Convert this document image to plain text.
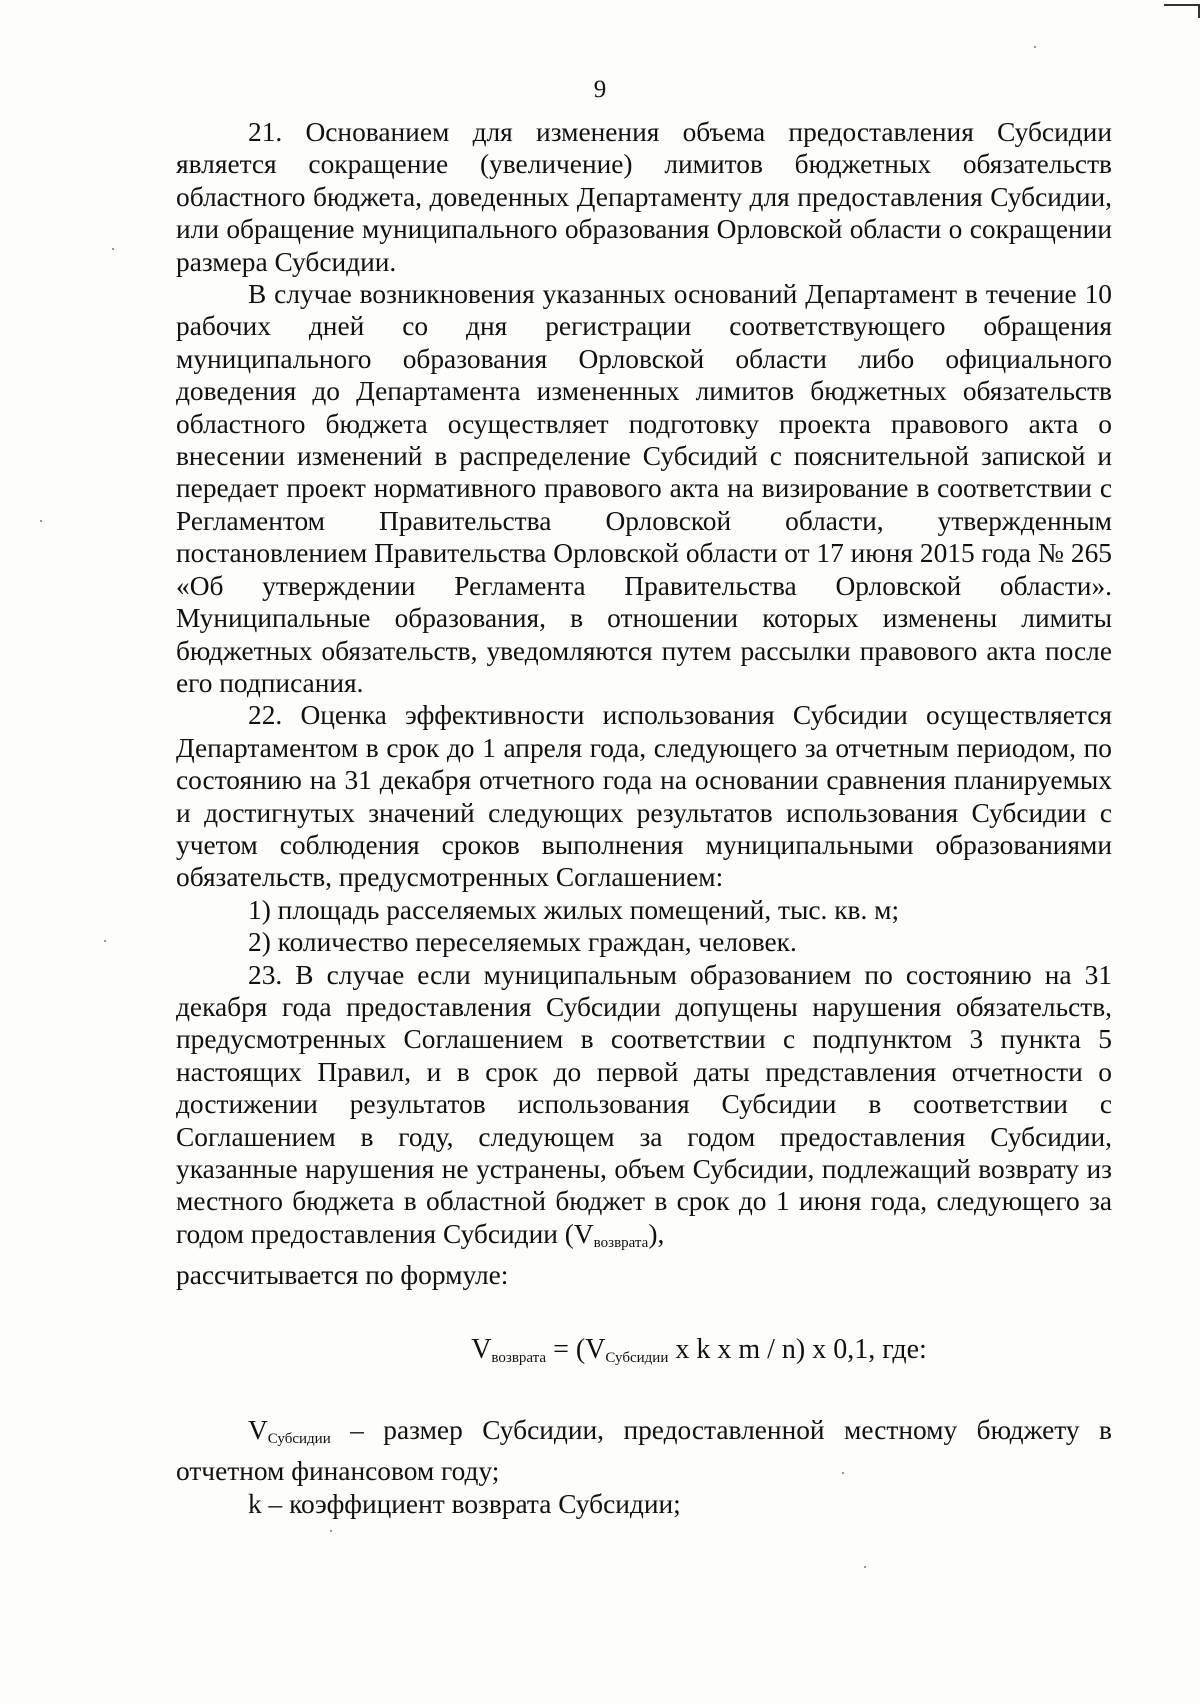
9

21. Основанием для изменения объема предоставления Субсидии является сокращение (увеличение) лимитов бюджетных обязательств областного бюджета, доведенных Департаменту для предоставления Субсидии, или обращение муниципального образования Орловской области о сокращении размера Субсидии.

В случае возникновения указанных оснований Департамент в течение 10 рабочих дней со дня регистрации соответствующего обращения муниципального образования Орловской области либо официального доведения до Департамента измененных лимитов бюджетных обязательств областного бюджета осуществляет подготовку проекта правового акта о внесении изменений в распределение Субсидий с пояснительной запиской и передает проект нормативного правового акта на визирование в соответствии с Регламентом Правительства Орловской области, утвержденным постановлением Правительства Орловской области от 17 июня 2015 года № 265 «Об утверждении Регламента Правительства Орловской области». Муниципальные образования, в отношении которых изменены лимиты бюджетных обязательств, уведомляются путем рассылки правового акта после его подписания.

22. Оценка эффективности использования Субсидии осуществляется Департаментом в срок до 1 апреля года, следующего за отчетным периодом, по состоянию на 31 декабря отчетного года на основании сравнения планируемых и достигнутых значений следующих результатов использования Субсидии с учетом соблюдения сроков выполнения муниципальными образованиями обязательств, предусмотренных Соглашением:

1) площадь расселяемых жилых помещений, тыс. кв. м;

2) количество переселяемых граждан, человек.

23. В случае если муниципальным образованием по состоянию на 31 декабря года предоставления Субсидии допущены нарушения обязательств, предусмотренных Соглашением в соответствии с подпунктом 3 пункта 5 настоящих Правил, и в срок до первой даты представления отчетности о достижении результатов использования Субсидии в соответствии с Соглашением в году, следующем за годом предоставления Субсидии, указанные нарушения не устранены, объем Субсидии, подлежащий возврату из местного бюджета в областной бюджет в срок до 1 июня года, следующего за годом предоставления Субсидии $(V_{возврата})$,

рассчитывается по формуле:

$V_{возврата} = (V_{Субсидии}$ x k x m / n) x 0,1, где:

$V_{Субсидии}$ – размер Субсидии, предоставленной местному бюджету в отчетном финансовом году;

k – коэффициент возврата Субсидии;
